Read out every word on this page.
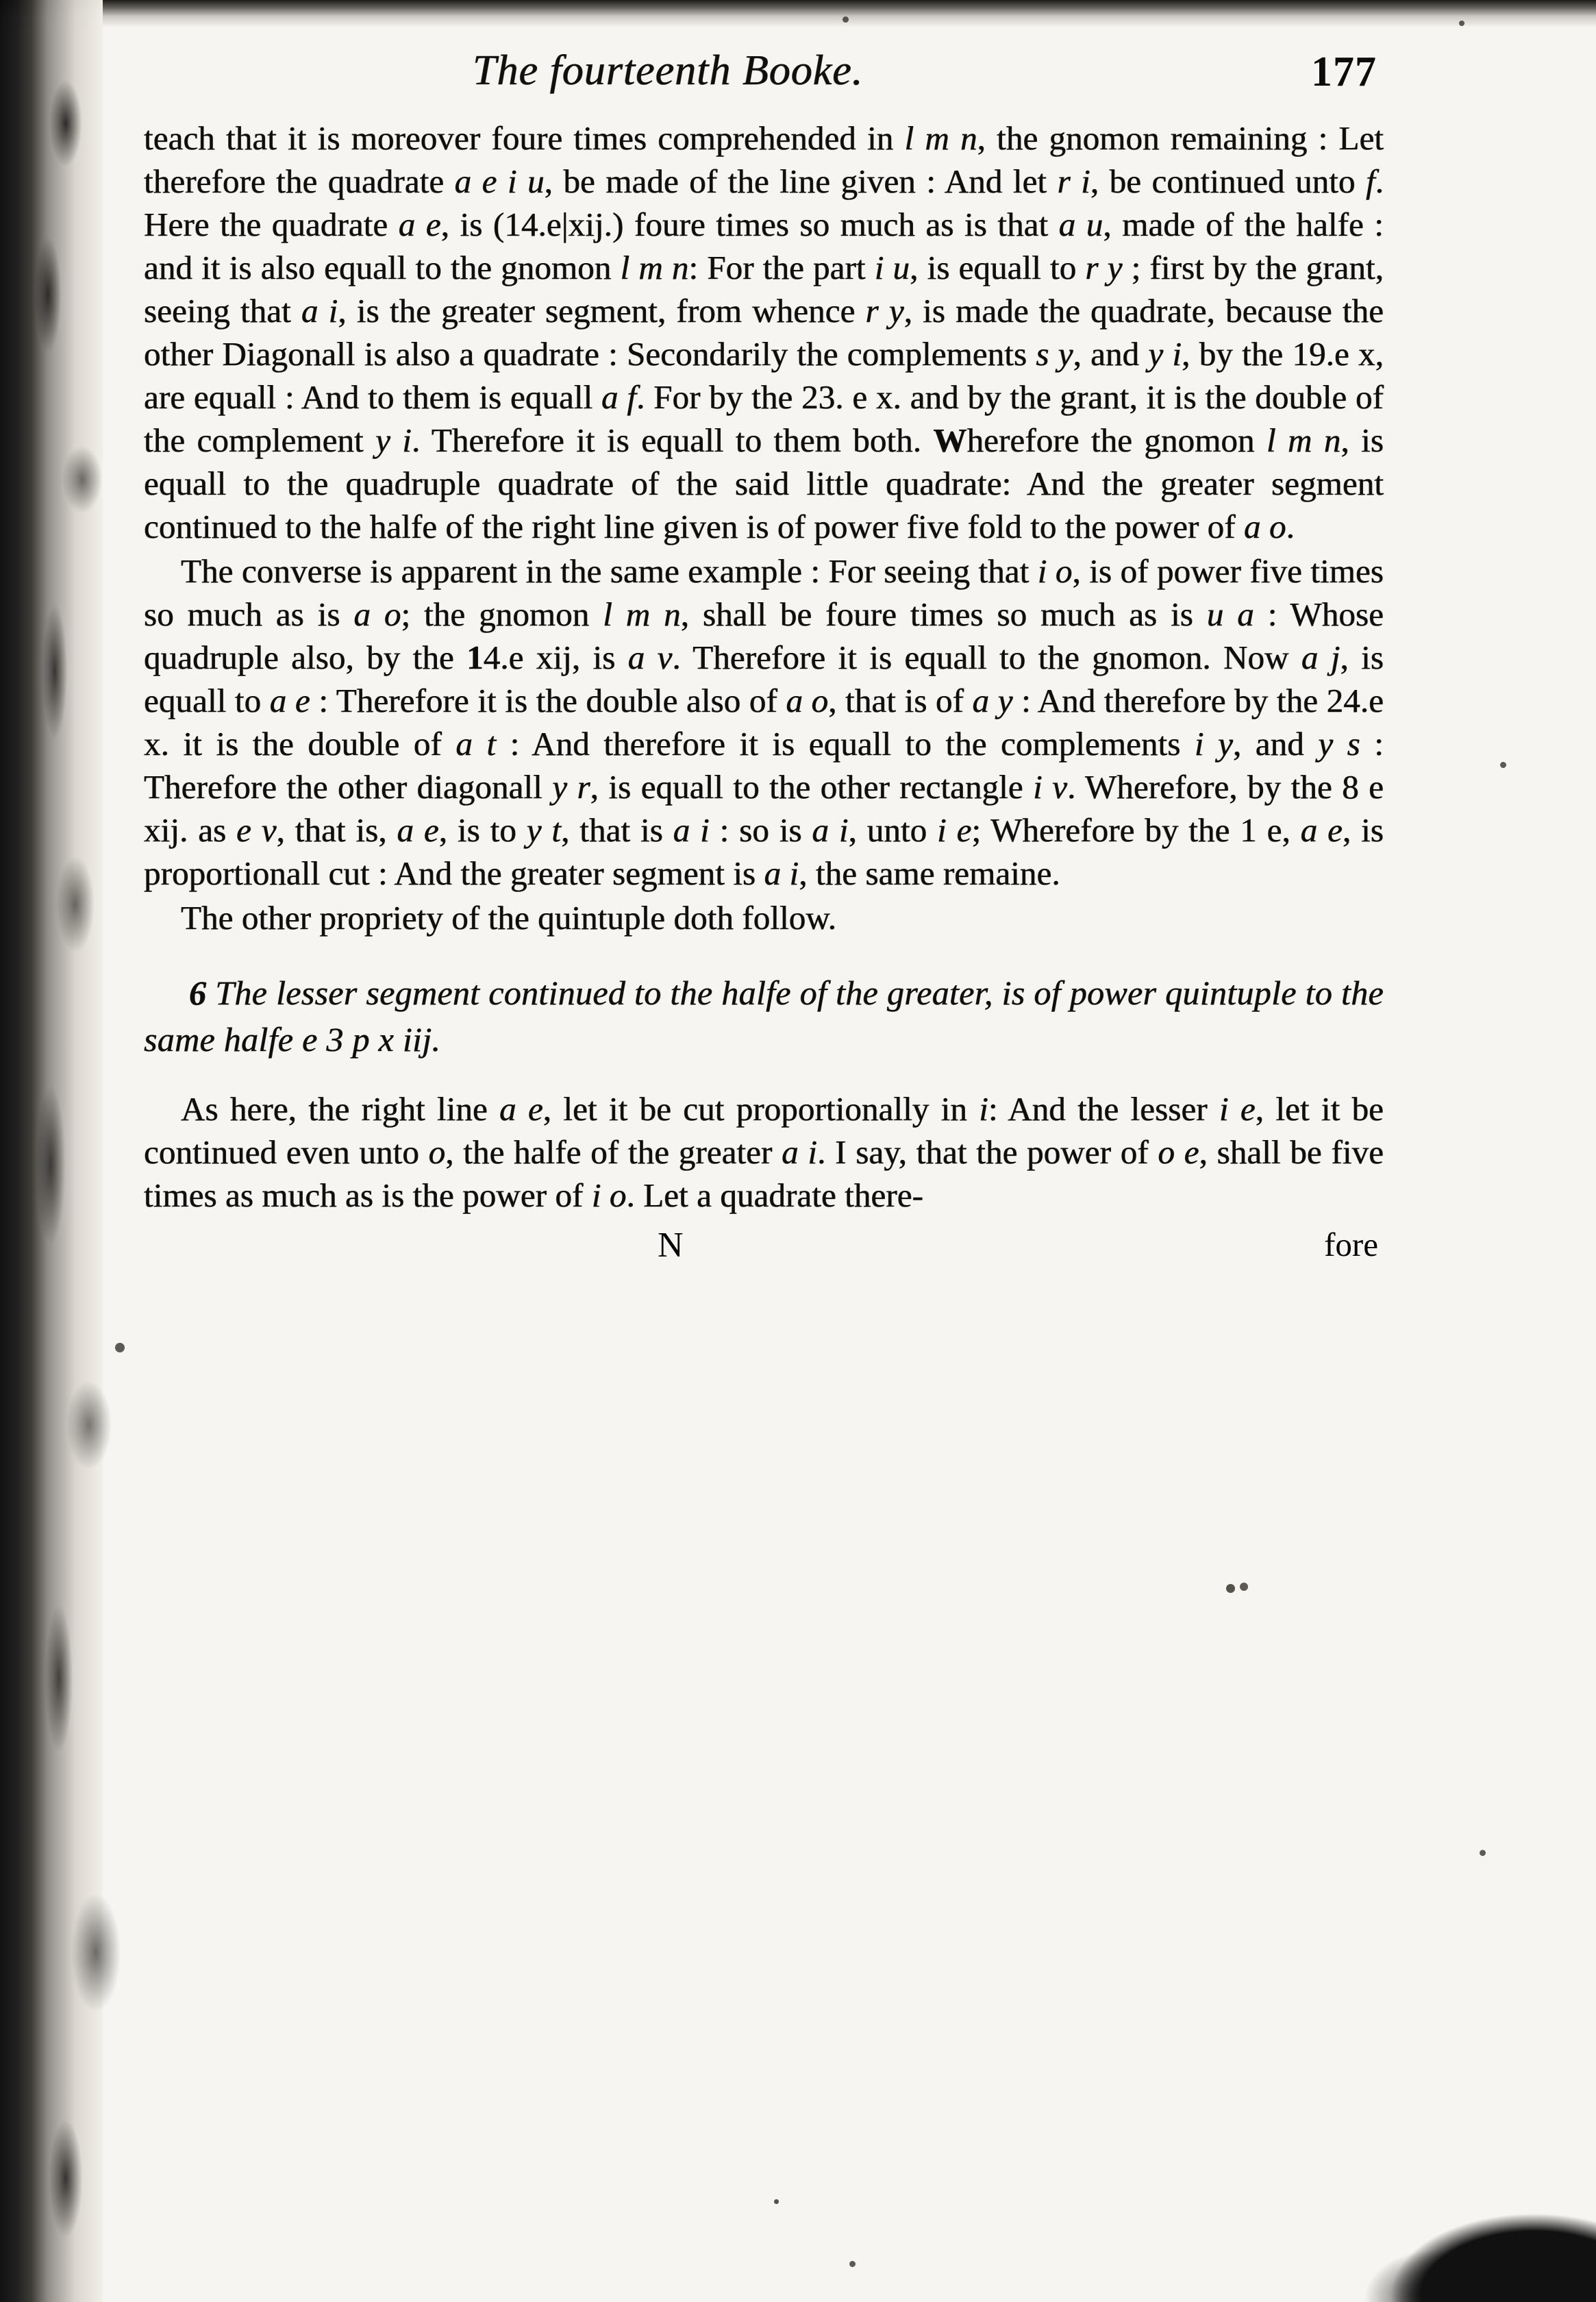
The fourteenth Booke.	177

teach that it is moreover foure times comprehended in l m n, the gnomon remaining : Let therefore the quadrate a e i u, be made of the line given : And let r i, be continued unto f. Here the quadrate a e, is (14.e|xij.) foure times so much as is that a u, made of the halfe : and it is also equall to the gnomon l m n: For the part i u, is equall to r y ; first by the grant, seeing that a i, is the greater segment, from whence r y, is made the quadrate, because the other Diagonall is also a quadrate : Secondarily the complements s y, and y i, by the 19.e x, are equall : And to them is equall a f. For by the 23. e x. and by the grant, it is the double of the complement y i. Therefore it is equall to them both. Wherefore the gnomon l m n, is equall to the quadruple quadrate of the said little quadrate: And the greater segment continued to the halfe of the right line given is of power five fold to the power of a o.

The converse is apparent in the same example : For seeing that i o, is of power five times so much as is a o; the gnomon l m n, shall be foure times so much as is u a : Whose quadruple also, by the 14.e xij, is a v. Therefore it is equall to the gnomon. Now a j, is equall to a e : Therefore it is the double also of a o, that is of a y : And therefore by the 24.e x. it is the double of a t : And therefore it is equall to the complements i y, and y s : Therefore the other diagonall y r, is equall to the other rectangle i v. Wherefore, by the 8 e xij. as e v, that is, a e, is to y t, that is a i : so is a i, unto i e; Wherefore by the 1 e, a e, is proportionall cut : And the greater segment is a i, the same remaine.

The other propriety of the quintuple doth follow.

6 The lesser segment continued to the halfe of the greater, is of power quintuple to the same halfe e 3 p x iij.

As here, the right line a e, let it be cut proportionally in i: And the lesser i e, let it be continued even unto o, the halfe of the greater a i. I say, that the power of o e, shall be five times as much as is the power of i o. Let a quadrate there-

N	fore
